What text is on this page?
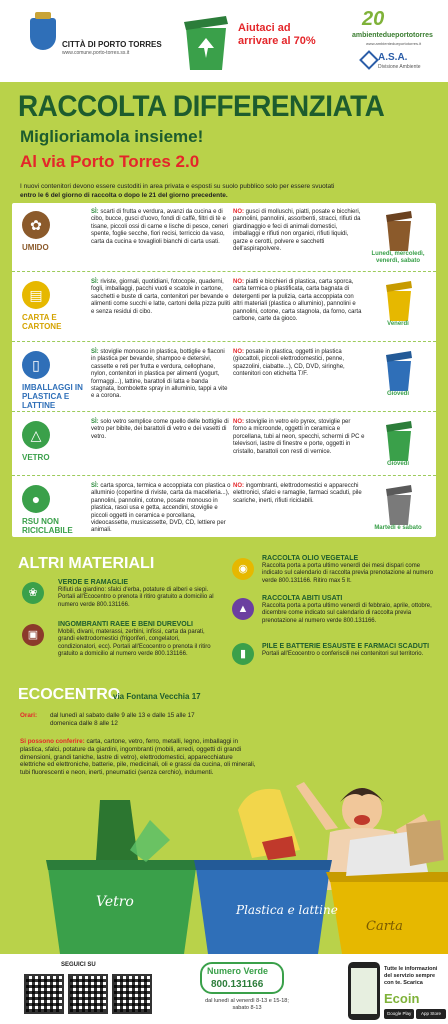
CITTÀ DI PORTO TORRES
www.comune.porto-torres.ss.it
Aiutaci ad
arrivare al 70%
20
ambientedueportotorres
www.ambientedueportotorres.it
A.S.A.
Divisione Ambiente
RACCOLTA DIFFERENZIATA
Miglioriamola insieme!
Al via Porto Torres 2.0
I nuovi contenitori devono essere custoditi in area privata e esposti su suolo pubblico solo per essere svuotati
entro le 6 del giorno di raccolta o dopo le 21 del giorno precedente.
✿
UMIDO
SÌ: scarti di frutta e verdura, avanzi da cucina e di cibo, bucce, gusci d'uovo, fondi di caffè, filtri di tè e tisane, piccoli ossi di carne e lische di pesce, ceneri spente, foglie secche, fiori recisi, terriccio da vaso, carta da cucina e tovaglioli bianchi di carta usati.
NO: gusci di molluschi, piatti, posate e bicchieri, pannolini, pannolini, assorbenti, stracci, rifiuti da giardinaggio e feci di animali domestici, imballaggi e rifiuti non organici, rifiuti liquidi, garze e cerotti, polvere e sacchetti dell'aspirapolvere.
Lunedì, mercoledì, venerdì, sabato
▤
CARTA E CARTONE
SÌ: riviste, giornali, quotidiani, fotocopie, quaderni, fogli, imballaggi, pacchi vuoti e scatole in cartone, sacchetti e buste di carta, contenitori per bevande e alimenti come succhi e latte, cartoni della pizza puliti e senza residui di cibo.
NO: piatti e bicchieri di plastica, carta sporca, carta termica o plastificata, carta bagnata di detergenti per la pulizia, carta accoppiata con altri materiali (plastica o alluminio), pannolini e pannolini, cotone, carta stagnola, da forno, carta carbone, carte da gioco.
Venerdì
▯
IMBALLAGGI IN PLASTICA E LATTINE
SÌ: stoviglie monouso in plastica, bottiglie e flaconi in plastica per bevande, shampoo e detersivi, cassette e reti per frutta e verdura, cellophane, nylon, contenitori in plastica per alimenti (yogurt, formaggi...), lattine, barattoli di latta e banda stagnata, bombolette spray in alluminio, tappi a vite e a corona.
NO: posate in plastica, oggetti in plastica (giocattoli, piccoli elettrodomestici, penne, spazzolini, ciabatte...), CD, DVD, siringhe, contenitori con etichetta T/F.
Giovedì
△
VETRO
SÌ: solo vetro semplice come quello delle bottiglie di vetro per bibite, dei barattoli di vetro e dei vasetti di vetro.
NO: stoviglie in vetro e/o pyrex, stoviglie per forno a microonde, oggetti in ceramica e porcellana, tubi al neon, specchi, schermi di PC e televisori, lastre di finestre e porte, oggetti in cristallo, barattoli con resti di vernice.
Giovedì
●
RSU NON RICICLABILE
SÌ: carta sporca, termica e accoppiata con plastica o alluminio (copertine di riviste, carta da macelleria...), pannolini, pannolini, cotone, posate monouso in plastica, rasoi usa e getta, accendini, stoviglie e piccoli oggetti in ceramica e porcellana, videocassette, musicassette, DVD, CD, lettiere per animali.
NO: ingombranti, elettrodomestici e apparecchi elettronici, sfalci e ramaglie, farmaci scaduti, pile scariche, inerti, rifiuti riciclabili.
Martedì e sabato
ALTRI MATERIALI
❀
VERDE E RAMAGLIE
Rifiuti da giardino: sfalci d'erba, potature di alberi e siepi. Portali all'Ecocentro o prenota il ritiro gratuito a domicilio al numero verde 800.131166.
▣
INGOMBRANTI RAEE E BENI DUREVOLI
Mobili, divani, materassi, zerbini, infissi, carta da parati, grandi elettrodomestici (frigoriferi, congelatori, condizionatori, ecc). Portali all'Ecocentro o prenota il ritiro gratuito a domicilio al numero verde 800.131166.
◉
RACCOLTA OLIO VEGETALE
Raccolta porta a porta ultimo venerdì dei mesi dispari come indicato sul calendario di raccolta previa prenotazione al numero verde 800.131166. Ritiro max 5 lt.
▲
RACCOLTA ABITI USATI
Raccolta porta a porta ultimo venerdì di febbraio, aprile, ottobre, dicembre come indicato sul calendario di raccolta previa prenotazione al numero verde 800.131166.
▮
PILE E BATTERIE ESAUSTE E FARMACI SCADUTI
Portali all'Ecocentro o conferiscili nei contenitori sul territorio.
ECOCENTRO
via Fontana Vecchia 17
Orari:	dal lunedì al sabato dalle 9 alle 13 e dalle 15 alle 17 domenica dalle 8 alle 12
Si possono conferire: carta, cartone, vetro, ferro, metalli, legno, imballaggi in plastica, sfalci, potature da giardini, ingombranti (mobili, arredi, oggetti di grandi dimensioni, grandi taniche, lastre di vetro), elettrodomestici, apparecchiature elettriche ed elettroniche, batterie, pile, medicinali, oli e grassi da cucina, oli minerali, tubi fluorescenti e neon, inerti, pneumatici (senza cerchio), indumenti.
Vetro	Plastica e lattine
Carta
SEGUICI SU
Numero Verde
800.131166
dal lunedì al venerdì 8-13 e 15-18; sabato 8-13
Tutte le informazioni del servizio sempre con te. Scarica
Ecoin
Google Play	App Store
